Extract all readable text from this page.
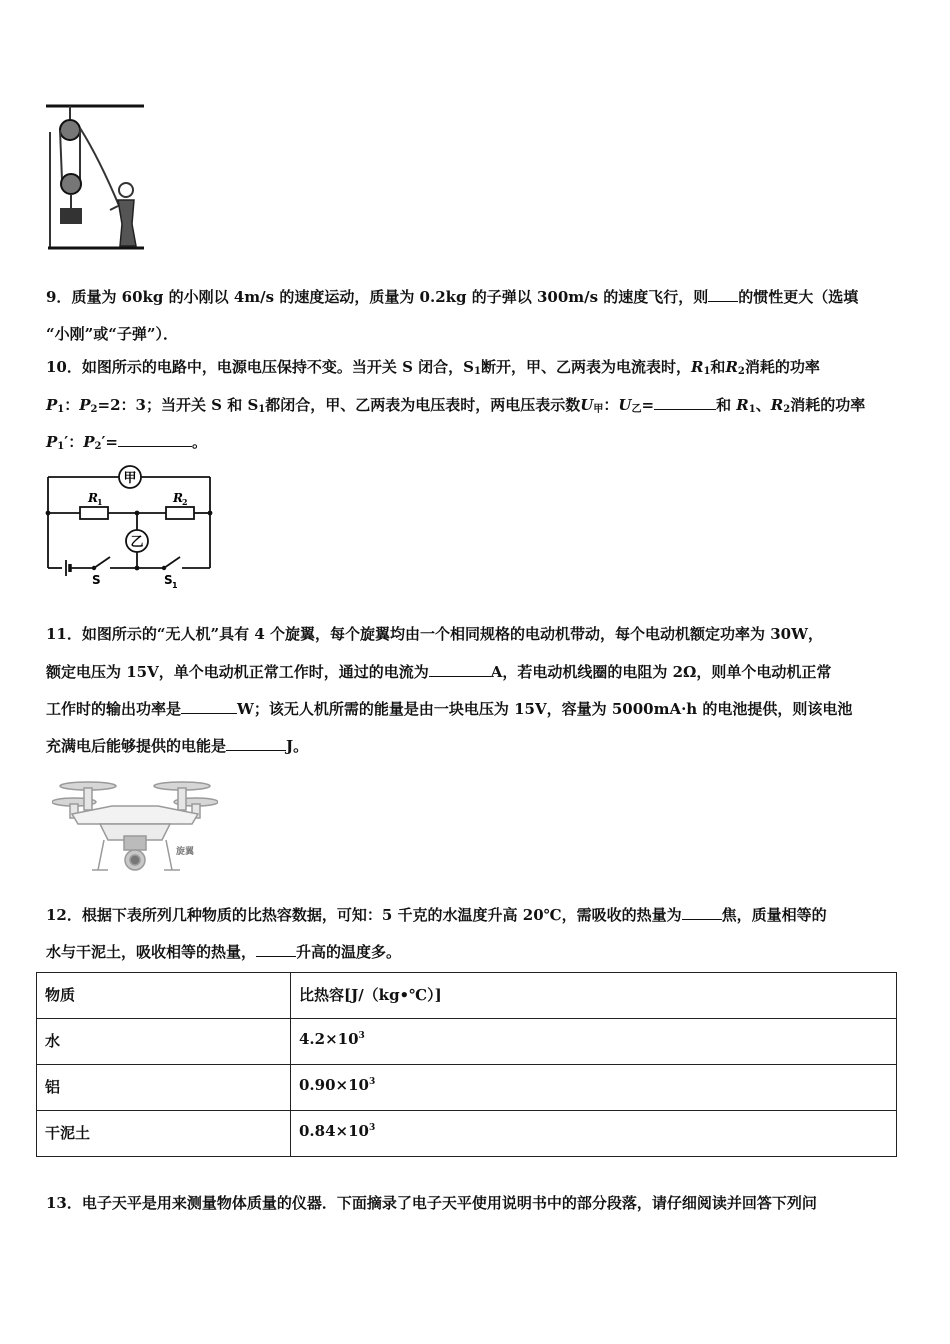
9．质量为 60kg 的小刚以 4m/s 的速度运动，质量为 0.2kg 的子弹以 300m/s 的速度飞行，则 的惯性更大（选填
“小刚”或“子弹”）．
10．如图所示的电路中，电源电压保持不变。当开关 S 闭合，$S_1$断开，甲、乙两表为电流表时，$R_1$和$R_2$消耗的功率
$P_1$：$P_2=2$：3；当开关 S 和 $S_1$都闭合，甲、乙两表为电压表时，两电压表示数$U_甲$：$U_乙=$	和 $R_1$、$R_2$消耗的功率
$P_1'$：$P_2'=$	。
甲
乙
R 1	R 2
S	S 1
11．如图所示的“无人机”具有 4 个旋翼，每个旋翼均由一个相同规格的电动机带动，每个电动机额定功率为 30W，
额定电压为 15V，单个电动机正常工作时，通过的电流为	A，若电动机线圈的电阻为 2Ω，则单个电动机正常
工作时的输出功率是	W；该无人机所需的能量是由一块电压为 15V，容量为 5000mA·h 的电池提供，则该电池
充满电后能够提供的电能是	J。
旋翼
12．根据下表所列几种物质的比热容数据，可知：5 千克的水温度升高 20℃，需吸收的热量为	焦，质量相等的
水与干泥土，吸收相等的热量，	升高的温度多。
物质	比热容[J/（kg•℃）]
水	$4.2\times 10^3$
铝	$0.90\times 10^3$
干泥土	$0.84\times 10^3$
13．电子天平是用来测量物体质量的仪器．下面摘录了电子天平使用说明书中的部分段落，请仔细阅读并回答下列问
